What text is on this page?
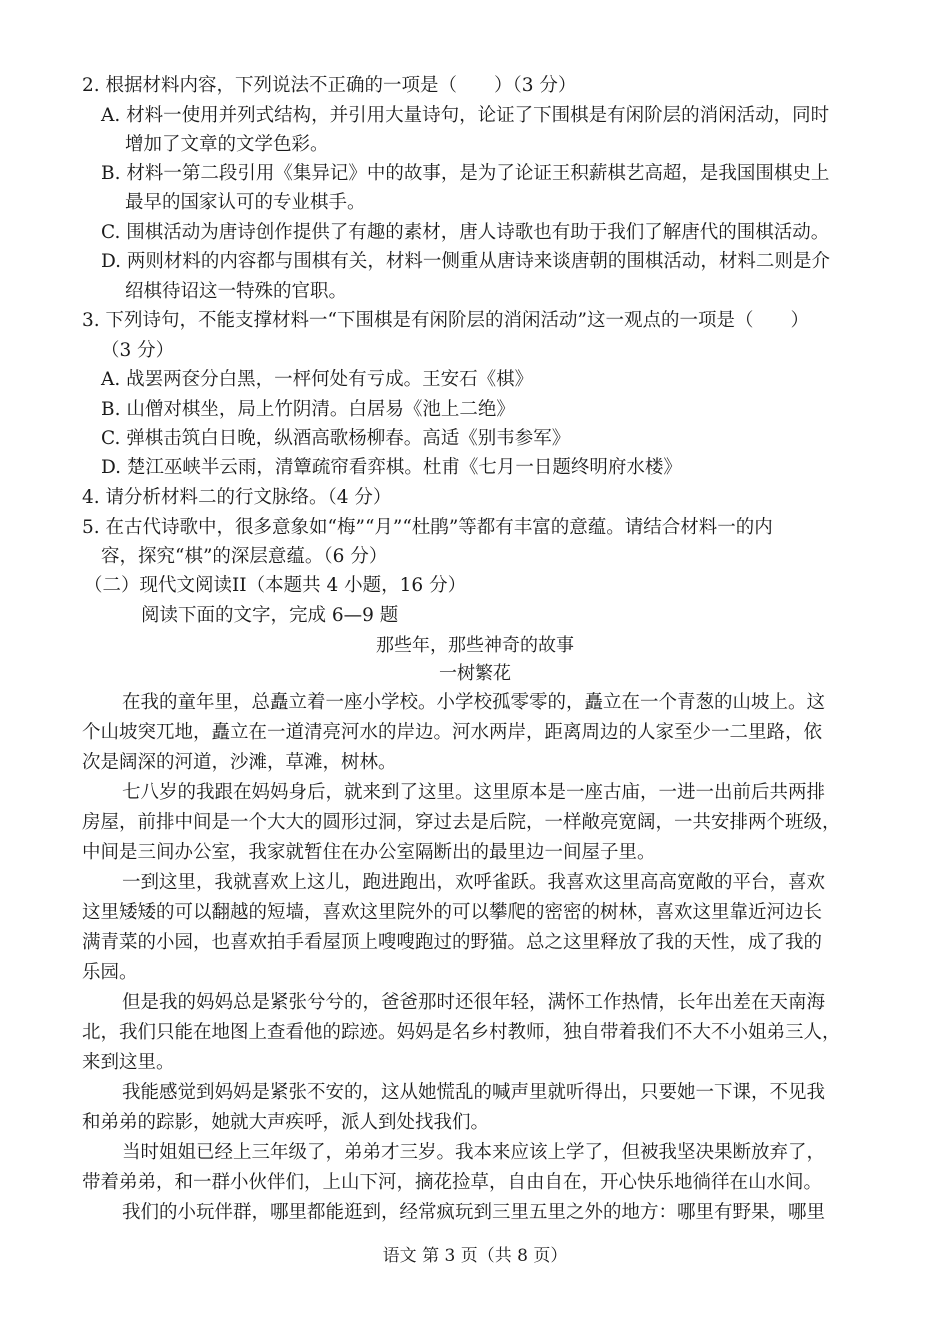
2. 根据材料内容，下列说法不正确的一项是（　　）（3 分）
A. 材料一使用并列式结构，并引用大量诗句，论证了下围棋是有闲阶层的消闲活动，同时
增加了文章的文学色彩。
B. 材料一第二段引用《集异记》中的故事，是为了论证王积薪棋艺高超，是我国围棋史上
最早的国家认可的专业棋手。
C. 围棋活动为唐诗创作提供了有趣的素材，唐人诗歌也有助于我们了解唐代的围棋活动。
D. 两则材料的内容都与围棋有关，材料一侧重从唐诗来谈唐朝的围棋活动，材料二则是介
绍棋待诏这一特殊的官职。
3. 下列诗句，不能支撑材料一“下围棋是有闲阶层的消闲活动”这一观点的一项是（　　）
（3 分）
A. 战罢两奁分白黑，一枰何处有亏成。王安石《棋》
B. 山僧对棋坐，局上竹阴清。白居易《池上二绝》
C. 弹棋击筑白日晚，纵酒高歌杨柳春。高适《别韦参军》
D. 楚江巫峡半云雨，清簟疏帘看弈棋。杜甫《七月一日题终明府水楼》
4. 请分析材料二的行文脉络。（4 分）
5. 在古代诗歌中，很多意象如“梅”“月”“杜鹃”等都有丰富的意蕴。请结合材料一的内
容，探究“棋”的深层意蕴。（6 分）
（二）现代文阅读II（本题共 4 小题，16 分）
阅读下面的文字，完成 6—9 题
那些年，那些神奇的故事
一树繁花
在我的童年里，总矗立着一座小学校。小学校孤零零的，矗立在一个青葱的山坡上。这
个山坡突兀地，矗立在一道清亮河水的岸边。河水两岸，距离周边的人家至少一二里路，依
次是阔深的河道，沙滩，草滩，树林。
七八岁的我跟在妈妈身后，就来到了这里。这里原本是一座古庙，一进一出前后共两排
房屋，前排中间是一个大大的圆形过洞，穿过去是后院，一样敞亮宽阔，一共安排两个班级，
中间是三间办公室，我家就暂住在办公室隔断出的最里边一间屋子里。
一到这里，我就喜欢上这儿，跑进跑出，欢呼雀跃。我喜欢这里高高宽敞的平台，喜欢
这里矮矮的可以翻越的短墙，喜欢这里院外的可以攀爬的密密的树林，喜欢这里靠近河边长
满青菜的小园，也喜欢拍手看屋顶上嗖嗖跑过的野猫。总之这里释放了我的天性，成了我的
乐园。
但是我的妈妈总是紧张兮兮的，爸爸那时还很年轻，满怀工作热情，长年出差在天南海
北，我们只能在地图上查看他的踪迹。妈妈是名乡村教师，独自带着我们不大不小姐弟三人，
来到这里。
我能感觉到妈妈是紧张不安的，这从她慌乱的喊声里就听得出，只要她一下课，不见我
和弟弟的踪影，她就大声疾呼，派人到处找我们。
当时姐姐已经上三年级了，弟弟才三岁。我本来应该上学了，但被我坚决果断放弃了，
带着弟弟，和一群小伙伴们，上山下河，摘花捡草，自由自在，开心快乐地徜徉在山水间。
我们的小玩伴群，哪里都能逛到，经常疯玩到三里五里之外的地方：哪里有野果，哪里
语文 第 3 页（共 8 页）
